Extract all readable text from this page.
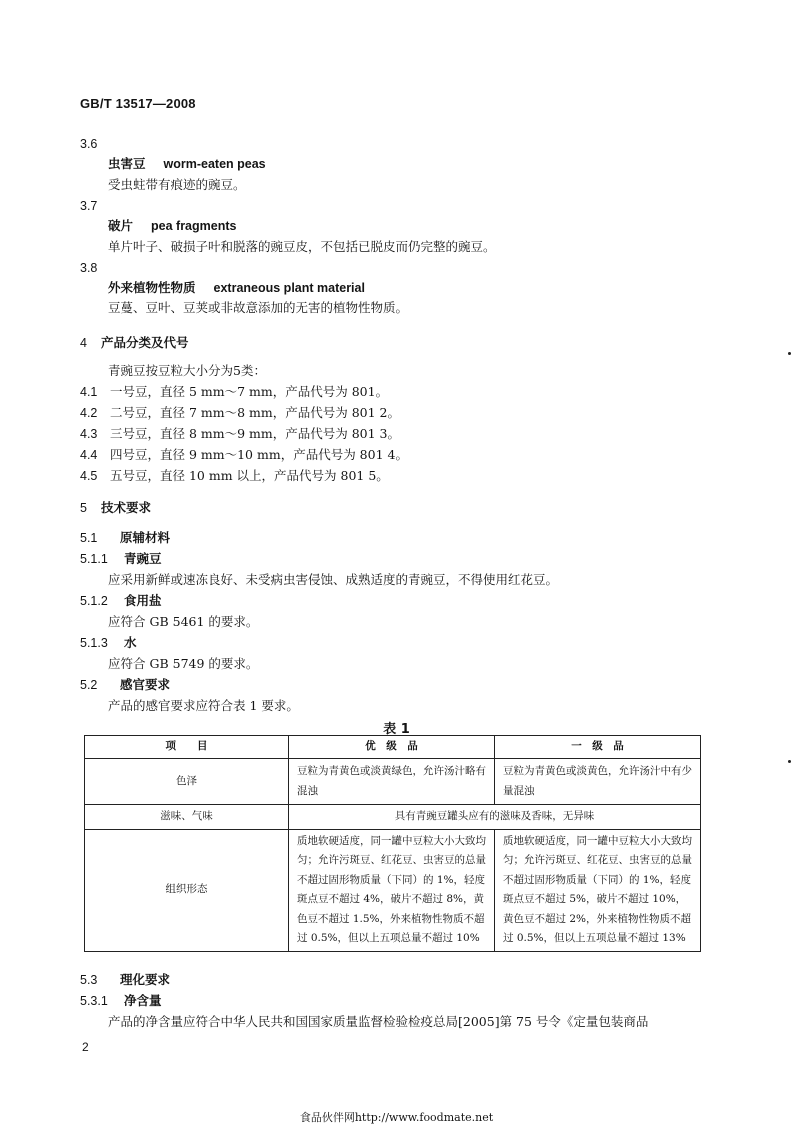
GB/T 13517—2008
3.6
虫害豆 worm-eaten peas
受虫蛀带有痕迹的豌豆。
3.7
破片 pea fragments
单片叶子、破损子叶和脱落的豌豆皮，不包括已脱皮而仍完整的豌豆。
3.8
外来植物性物质 extraneous plant material
豆蔓、豆叶、豆荚或非故意添加的无害的植物性物质。
4 产品分类及代号
青豌豆按豆粒大小分为5类：
4.1 一号豆，直径 5 mm～7 mm，产品代号为 801。
4.2 二号豆，直径 7 mm～8 mm，产品代号为 801 2。
4.3 三号豆，直径 8 mm～9 mm，产品代号为 801 3。
4.4 四号豆，直径 9 mm～10 mm，产品代号为 801 4。
4.5 五号豆，直径 10 mm 以上，产品代号为 801 5。
5 技术要求
5.1 原辅材料
5.1.1 青豌豆
应采用新鲜或速冻良好、未受病虫害侵蚀、成熟适度的青豌豆，不得使用红花豆。
5.1.2 食用盐
应符合 GB 5461 的要求。
5.1.3 水
应符合 GB 5749 的要求。
5.2 感官要求
产品的感官要求应符合表 1 要求。
表 1
项　　目	优　级　品	一　级　品
色泽	豆粒为青黄色或淡黄绿色，允许汤汁略有混浊	豆粒为青黄色或淡黄色，允许汤汁中有少量混浊
滋味、气味	具有青豌豆罐头应有的滋味及香味，无异味	
组织形态	质地软硬适度，同一罐中豆粒大小大致均匀；允许污斑豆、红花豆、虫害豆的总量不超过固形物质量（下同）的 1%，轻度斑点豆不超过 4%，破片不超过 8%，黄色豆不超过 1.5%，外来植物性物质不超过 0.5%，但以上五项总量不超过 10%	质地软硬适度，同一罐中豆粒大小大致均匀；允许污斑豆、红花豆、虫害豆的总量不超过固形物质量（下同）的 1%，轻度斑点豆不超过 5%，破片不超过 10%，黄色豆不超过 2%，外来植物性物质不超过 0.5%，但以上五项总量不超过 13%
5.3 理化要求
5.3.1 净含量
产品的净含量应符合中华人民共和国国家质量监督检验检疫总局[2005]第 75 号令《定量包装商品
2
食品伙伴网http://www.foodmate.net
